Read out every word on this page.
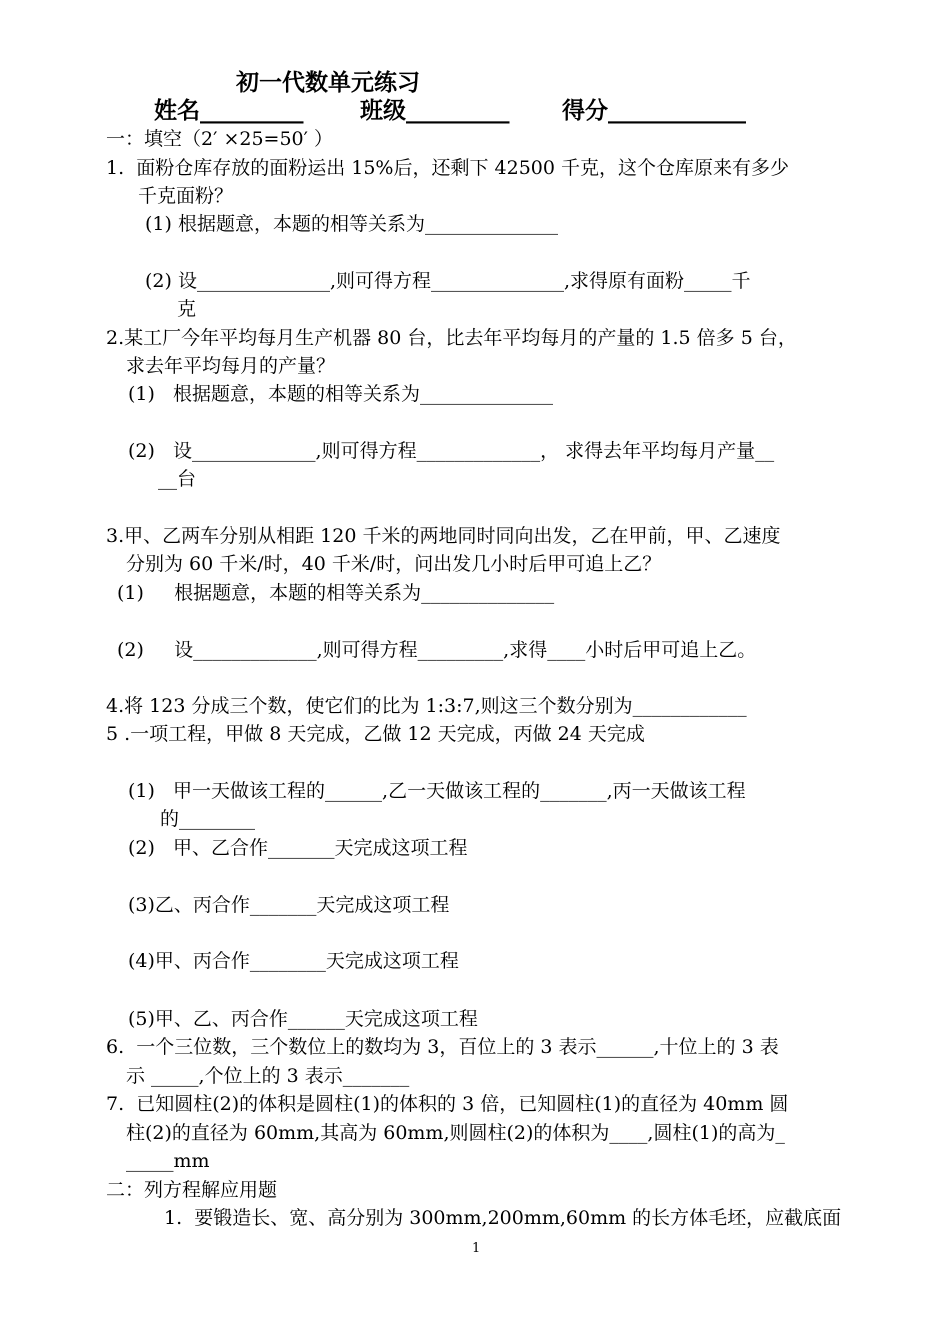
初一代数单元练习
姓名_________ 班级_________ 得分____________
一：填空（2′ ×25=50′ ）
1.  面粉仓库存放的面粉运出 15%后，还剩下 42500 千克，这个仓库原来有多少
千克面粉？
(1) 根据题意，本题的相等关系为______________
(2) 设______________,则可得方程______________,求得原有面粉_____千
克
2.某工厂今年平均每月生产机器 80 台，比去年平均每月的产量的 1.5 倍多 5 台，
求去年平均每月的产量？
(1)   根据题意，本题的相等关系为______________
(2)   设_____________,则可得方程_____________， 求得去年平均每月产量__
__台
3.甲、乙两车分别从相距 120 千米的两地同时同向出发，乙在甲前，甲、乙速度
分别为 60 千米/时，40 千米/时，问出发几小时后甲可追上乙？
(1)     根据题意，本题的相等关系为______________
(2)     设_____________,则可得方程_________,求得____小时后甲可追上乙。
4.将 123 分成三个数，使它们的比为 1:3:7,则这三个数分别为____________
5 .一项工程，甲做 8 天完成，乙做 12 天完成，丙做 24 天完成
(1)   甲一天做该工程的______,乙一天做该工程的_______,丙一天做该工程
的________
(2)   甲、乙合作_______天完成这项工程
(3)乙、丙合作_______天完成这项工程
(4)甲、丙合作________天完成这项工程
(5)甲、乙、丙合作______天完成这项工程
6.  一个三位数，三个数位上的数均为 3，百位上的 3 表示______,十位上的 3 表
示 _____,个位上的 3 表示_______
7.  已知圆柱(2)的体积是圆柱(1)的体积的 3 倍，已知圆柱(1)的直径为 40mm 圆
柱(2)的直径为 60mm,其高为 60mm,则圆柱(2)的体积为____,圆柱(1)的高为_
_____mm
二：列方程解应用题
1.  要锻造长、宽、高分别为 300mm,200mm,60mm 的长方体毛坯，应截底面
1
